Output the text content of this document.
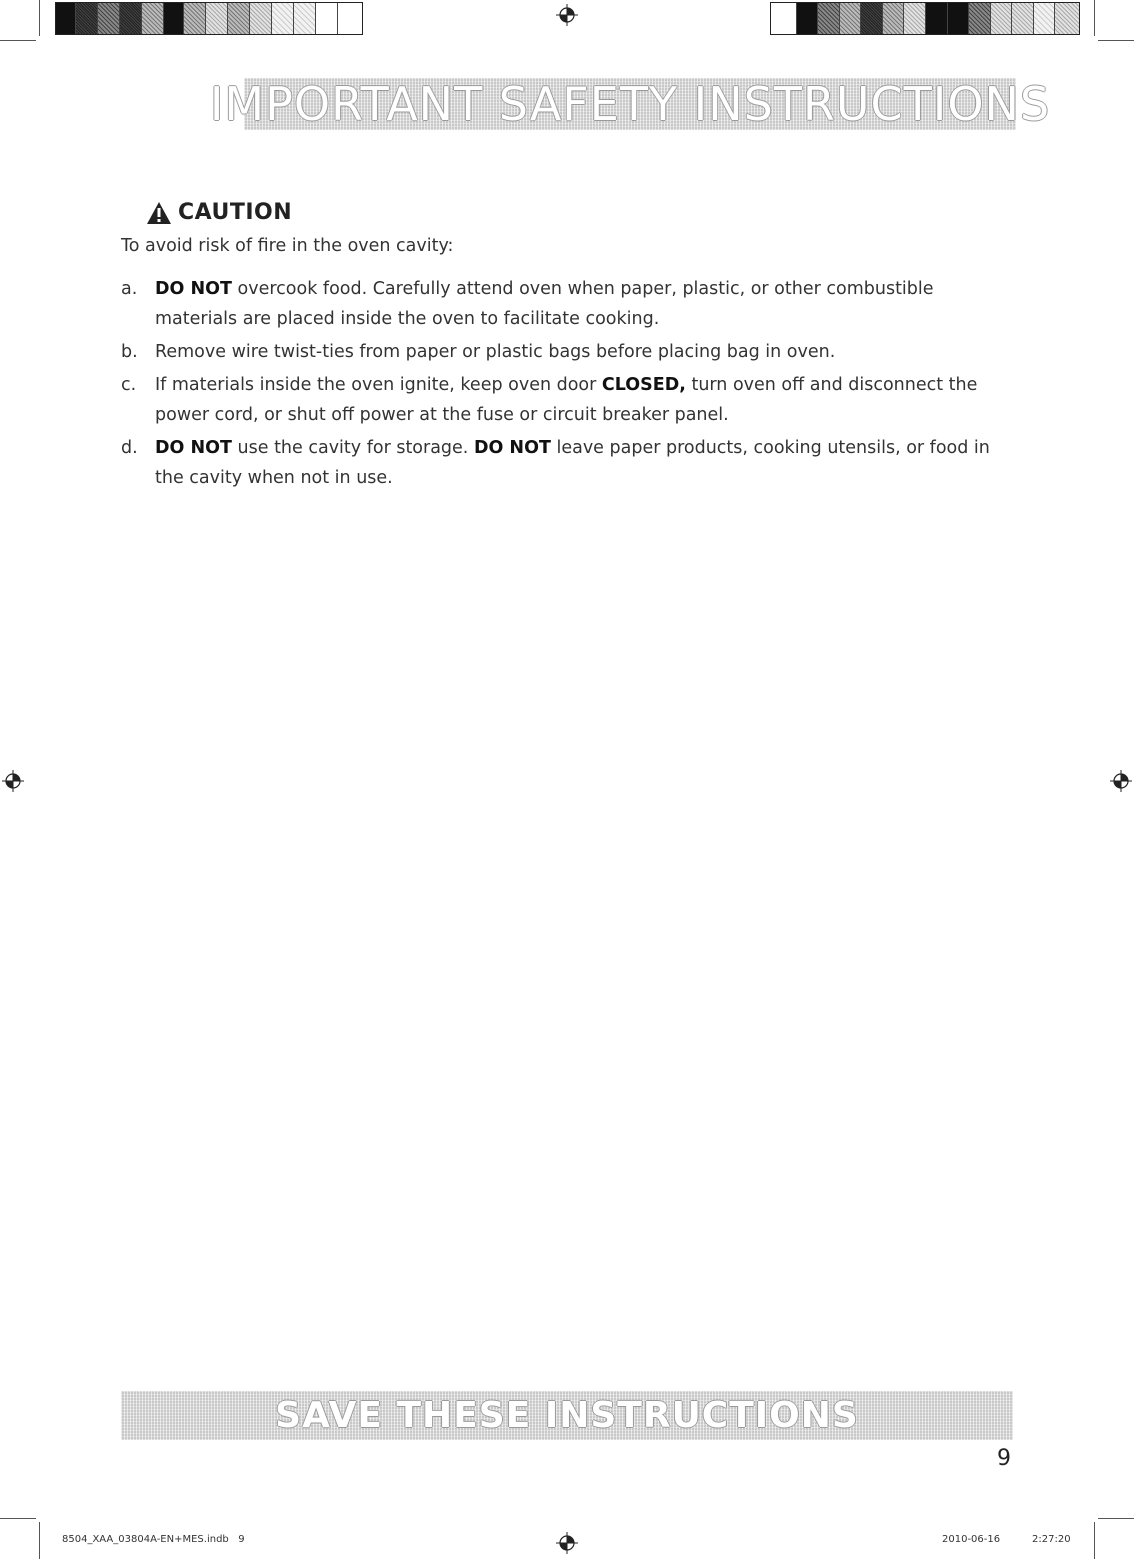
IMPORTANT SAFETY INSTRUCTIONS
CAUTION
To avoid risk of fire in the oven cavity:
a. DO NOT overcook food. Carefully attend oven when paper, plastic, or other combustible materials are placed inside the oven to facilitate cooking.
b. Remove wire twist-ties from paper or plastic bags before placing bag in oven.
c. If materials inside the oven ignite, keep oven door CLOSED, turn oven off and disconnect the power cord, or shut off power at the fuse or circuit breaker panel.
d. DO NOT use the cavity for storage. DO NOT leave paper products, cooking utensils, or food in the cavity when not in use.
SAVE THESE INSTRUCTIONS
9
8504_XAA_03804A-EN+MES.indb   9	2010-06-16	2:27:20
